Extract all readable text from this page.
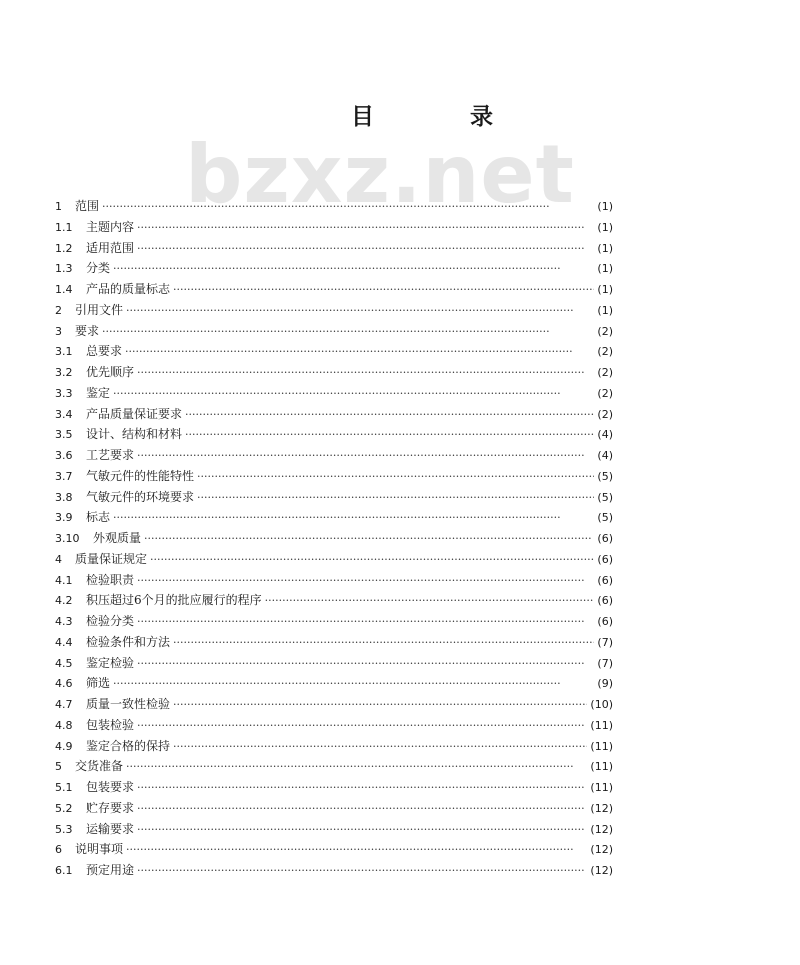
bzxz.net
目 录
1	范围 ·····	(1)
1.1	主题内容 ·····	(1)
1.2	适用范围 ·····	(1)
1.3	分类 ·····	(1)
1.4	产品的质量标志 ·····	(1)
2	引用文件 ·····	(1)
3	要求 ·····	(2)
3.1	总要求 ·····	(2)
3.2	优先顺序 ·····	(2)
3.3	鉴定 ·····	(2)
3.4	产品质量保证要求 ·····	(2)
3.5	设计、结构和材料 ·····	(4)
3.6	工艺要求 ·····	(4)
3.7	气敏元件的性能特性 ·····	(5)
3.8	气敏元件的环境要求 ·····	(5)
3.9	标志 ·····	(5)
3.10	外观质量 ·····	(6)
4	质量保证规定 ·····	(6)
4.1	检验职责 ·····	(6)
4.2	积压超过6个月的批应履行的程序 ·····	(6)
4.3	检验分类 ·····	(6)
4.4	检验条件和方法 ·····	(7)
4.5	鉴定检验 ·····	(7)
4.6	筛选 ·····	(9)
4.7	质量一致性检验 ·····	(10)
4.8	包装检验 ·····	(11)
4.9	鉴定合格的保持 ·····	(11)
5	交货准备 ·····	(11)
5.1	包装要求 ·····	(11)
5.2	贮存要求 ·····	(12)
5.3	运输要求 ·····	(12)
6	说明事项 ·····	(12)
6.1	预定用途 ·····	(12)
